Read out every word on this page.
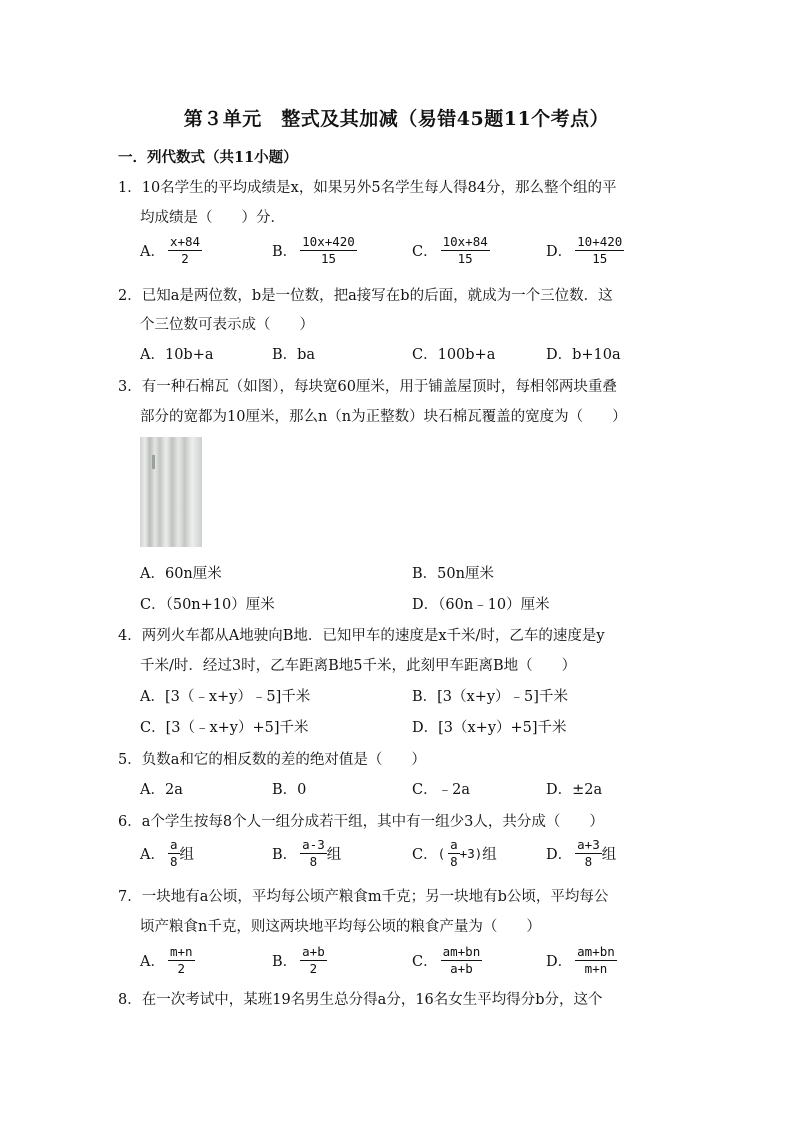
第３单元　整式及其加减（易错45题11个考点）
一．列代数式（共11小题）
1．10名学生的平均成绩是x，如果另外5名学生每人得84分，那么整个组的平
均成绩是（　　）分．
A． $\frac{x+84}{2}$	B． $\frac{10x+420}{15}$	C． $\frac{10x+84}{15}$	D． $\frac{10+420}{15}$
2．已知a是两位数，b是一位数，把a接写在b的后面，就成为一个三位数．这
个三位数可表示成（　　）
A．10b+a	B．ba	C．100b+a	D．b+10a
3．有一种石棉瓦（如图），每块宽60厘米，用于铺盖屋顶时，每相邻两块重叠
部分的宽都为10厘米，那么n（n为正整数）块石棉瓦覆盖的宽度为（　　）
A．60n厘米	B．50n厘米
C．（50n+10）厘米	D．（60n﹣10）厘米
4．两列火车都从A地驶向B地．已知甲车的速度是x千米/时，乙车的速度是y
千米/时．经过3时，乙车距离B地5千米，此刻甲车距离B地（　　）
A．[3（﹣x+y）﹣5]千米	B．[3（x+y）﹣5]千米
C．[3（﹣x+y）+5]千米	D．[3（x+y）+5]千米
5．负数a和它的相反数的差的绝对值是（　　）
A．2a	B．0	C．﹣2a	D．±2a
6．a个学生按每8个人一组分成若干组，其中有一组少3人，共分成（　　）
A． $\frac{a}{8}$ 组	B． $\frac{a-3}{8}$ 组	C． ( $\frac{a}{8} +3$) 组	D． $\frac{a+3}{8}$ 组
7．一块地有a公顷，平均每公顷产粮食m千克；另一块地有b公顷，平均每公
顷产粮食n千克，则这两块地平均每公顷的粮食产量为（　　）
A． $\frac{m+n}{2}$	B． $\frac{a+b}{2}$	C． $\frac{am+bn}{a+b}$	D． $\frac{am+bn}{m+n}$
8．在一次考试中，某班19名男生总分得a分，16名女生平均得分b分，这个
